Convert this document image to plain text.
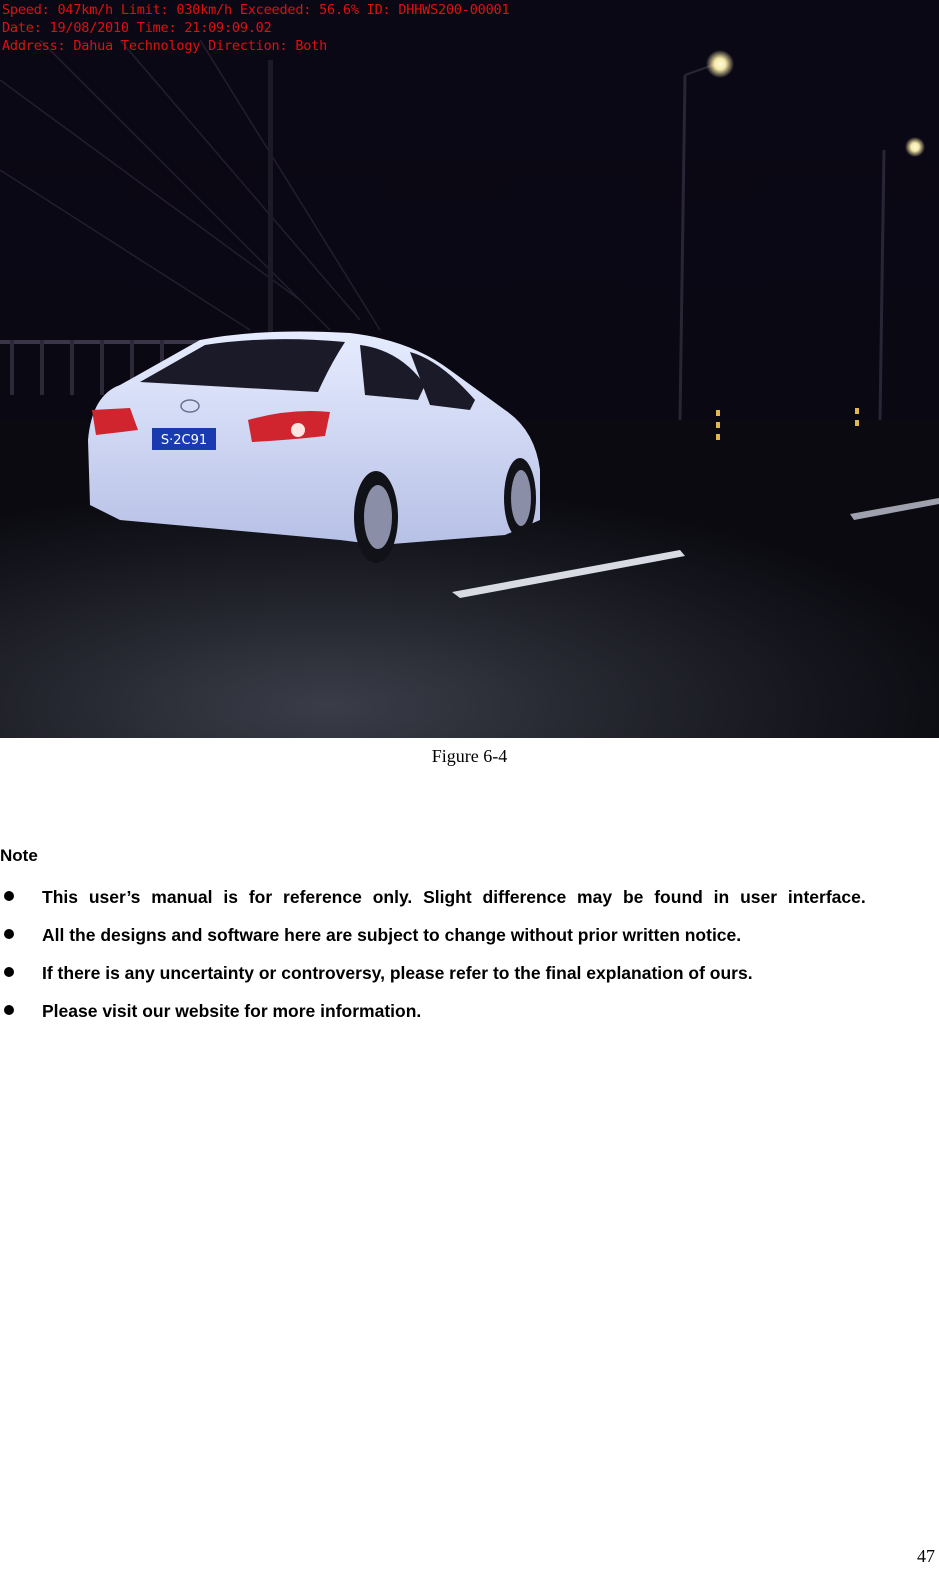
S·2C91
Speed: 047km/h Limit: 030km/h Exceeded: 56.6% ID: DHHWS200-00001
Date: 19/08/2010 Time: 21:09:09.02
Address: Dahua Technology Direction: Both
Figure 6-4
Note
This user’s manual is for reference only. Slight difference may be found in user interface.
All the designs and software here are subject to change without prior written notice.
If there is any uncertainty or controversy, please refer to the final explanation of ours.
Please visit our website for more information.
47
